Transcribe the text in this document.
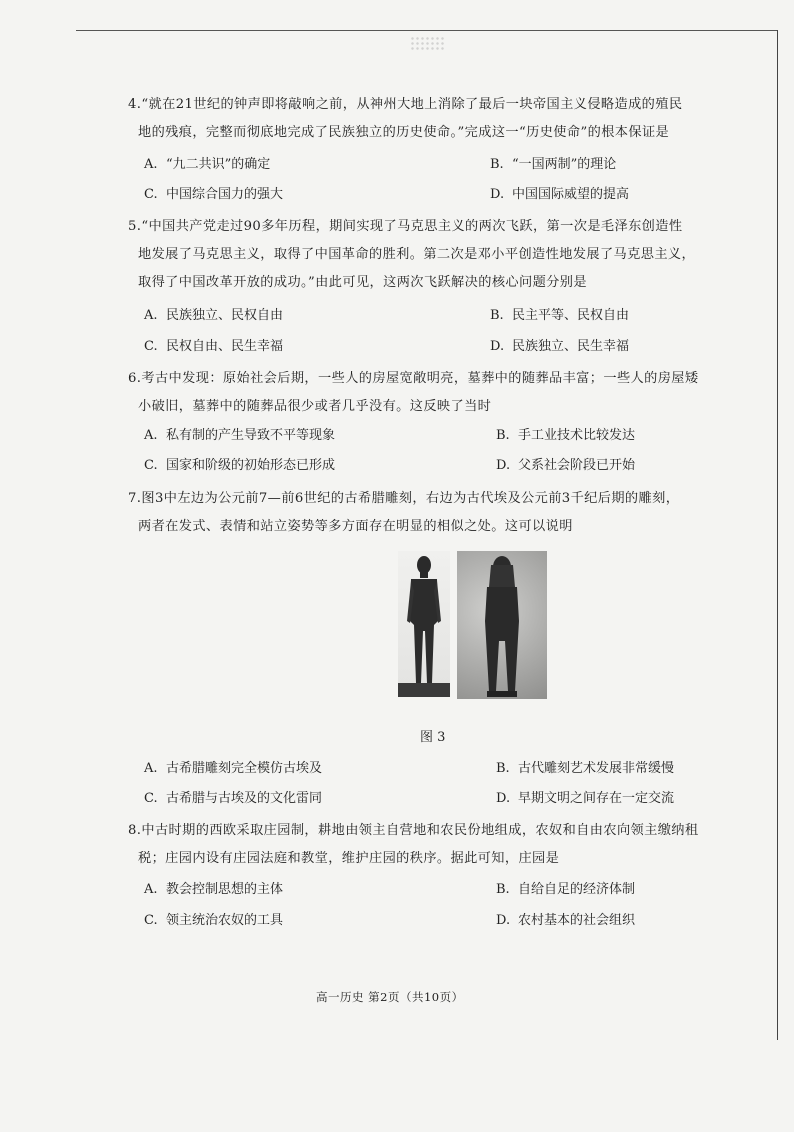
4.“就在21世纪的钟声即将敲响之前，从神州大地上消除了最后一块帝国主义侵略造成的殖民
地的残痕，完整而彻底地完成了民族独立的历史使命。”完成这一“历史使命”的根本保证是
A. “九二共识”的确定	B. “一国两制”的理论
C. 中国综合国力的强大	D. 中国国际威望的提高
5.“中国共产党走过90多年历程，期间实现了马克思主义的两次飞跃，第一次是毛泽东创造性
地发展了马克思主义，取得了中国革命的胜利。第二次是邓小平创造性地发展了马克思主义，
取得了中国改革开放的成功。”由此可见，这两次飞跃解决的核心问题分别是
A. 民族独立、民权自由	B. 民主平等、民权自由
C. 民权自由、民生幸福	D. 民族独立、民生幸福
6.考古中发现：原始社会后期，一些人的房屋宽敞明亮，墓葬中的随葬品丰富；一些人的房屋矮
小破旧，墓葬中的随葬品很少或者几乎没有。这反映了当时
A. 私有制的产生导致不平等现象	B. 手工业技术比较发达
C. 国家和阶级的初始形态已形成	D. 父系社会阶段已开始
7.图3中左边为公元前7—前6世纪的古希腊雕刻，右边为古代埃及公元前3千纪后期的雕刻，
两者在发式、表情和站立姿势等多方面存在明显的相似之处。这可以说明
图 3
A. 古希腊雕刻完全模仿古埃及	B. 古代雕刻艺术发展非常缓慢
C. 古希腊与古埃及的文化雷同	D. 早期文明之间存在一定交流
8.中古时期的西欧采取庄园制，耕地由领主自营地和农民份地组成，农奴和自由农向领主缴纳租
税；庄园内设有庄园法庭和教堂，维护庄园的秩序。据此可知，庄园是
A. 教会控制思想的主体	B. 自给自足的经济体制
C. 领主统治农奴的工具	D. 农村基本的社会组织
高一历史 第2页（共10页）
